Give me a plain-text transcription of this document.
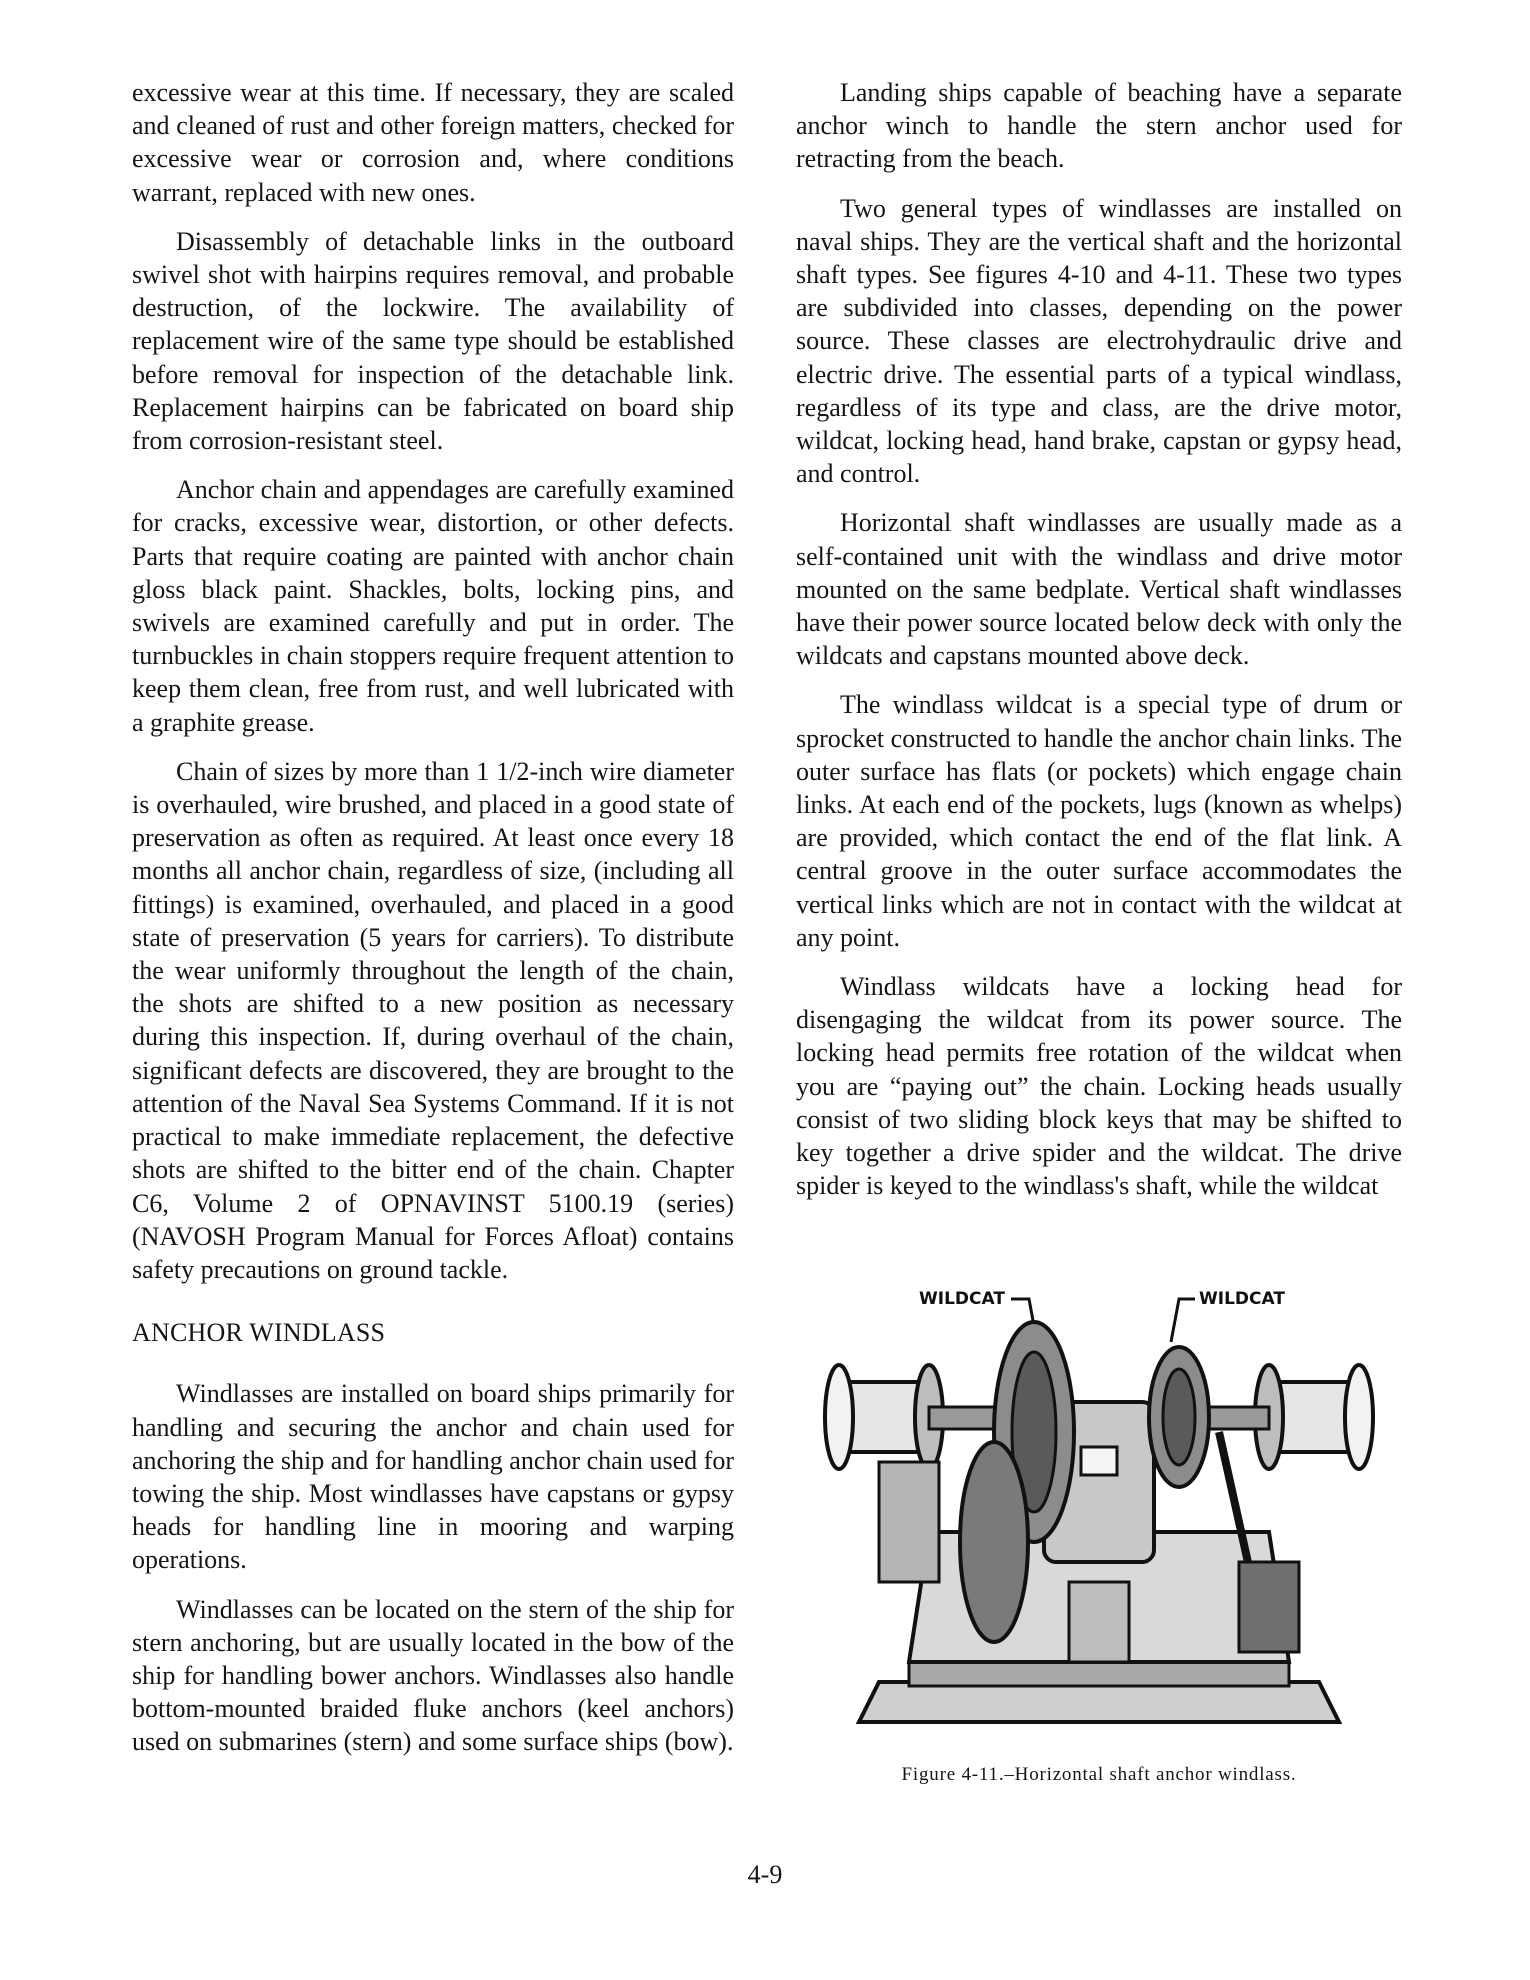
excessive wear at this time. If necessary, they are scaled and cleaned of rust and other foreign matters, checked for excessive wear or corrosion and, where conditions warrant, replaced with new ones.

Disassembly of detachable links in the outboard swivel shot with hairpins requires removal, and probable destruction, of the lockwire. The availability of replacement wire of the same type should be established before removal for inspection of the detachable link. Replacement hairpins can be fabricated on board ship from corrosion-resistant steel.

Anchor chain and appendages are carefully examined for cracks, excessive wear, distortion, or other defects. Parts that require coating are painted with anchor chain gloss black paint. Shackles, bolts, locking pins, and swivels are examined carefully and put in order. The turnbuckles in chain stoppers require frequent attention to keep them clean, free from rust, and well lubricated with a graphite grease.

Chain of sizes by more than 1 1/2-inch wire diameter is overhauled, wire brushed, and placed in a good state of preservation as often as required. At least once every 18 months all anchor chain, regardless of size, (including all fittings) is examined, overhauled, and placed in a good state of preservation (5 years for carriers). To distribute the wear uniformly throughout the length of the chain, the shots are shifted to a new position as necessary during this inspection. If, during overhaul of the chain, significant defects are discovered, they are brought to the attention of the Naval Sea Systems Command. If it is not practical to make immediate replacement, the defective shots are shifted to the bitter end of the chain. Chapter C6, Volume 2 of OPNAVINST 5100.19 (series) (NAVOSH Program Manual for Forces Afloat) contains safety precautions on ground tackle.

ANCHOR WINDLASS

Windlasses are installed on board ships primarily for handling and securing the anchor and chain used for anchoring the ship and for handling anchor chain used for towing the ship. Most windlasses have capstans or gypsy heads for handling line in mooring and warping operations.

Windlasses can be located on the stern of the ship for stern anchoring, but are usually located in the bow of the ship for handling bower anchors. Windlasses also handle bottom-mounted braided fluke anchors (keel anchors) used on submarines (stern) and some surface ships (bow).

Landing ships capable of beaching have a separate anchor winch to handle the stern anchor used for retracting from the beach.

Two general types of windlasses are installed on naval ships. They are the vertical shaft and the horizontal shaft types. See figures 4-10 and 4-11. These two types are subdivided into classes, depending on the power source. These classes are electrohydraulic drive and electric drive. The essential parts of a typical windlass, regardless of its type and class, are the drive motor, wildcat, locking head, hand brake, capstan or gypsy head, and control.

Horizontal shaft windlasses are usually made as a self-contained unit with the windlass and drive motor mounted on the same bedplate. Vertical shaft windlasses have their power source located below deck with only the wildcats and capstans mounted above deck.

The windlass wildcat is a special type of drum or sprocket constructed to handle the anchor chain links. The outer surface has flats (or pockets) which engage chain links. At each end of the pockets, lugs (known as whelps) are provided, which contact the end of the flat link. A central groove in the outer surface accommodates the vertical links which are not in contact with the wildcat at any point.

Windlass wildcats have a locking head for disengaging the wildcat from its power source. The locking head permits free rotation of the wildcat when you are “paying out” the chain. Locking heads usually consist of two sliding block keys that may be shifted to key together a drive spider and the wildcat. The drive spider is keyed to the windlass's shaft, while the wildcat

WILDCAT	WILDCAT
Figure 4-11.–Horizontal shaft anchor windlass.
4-9
